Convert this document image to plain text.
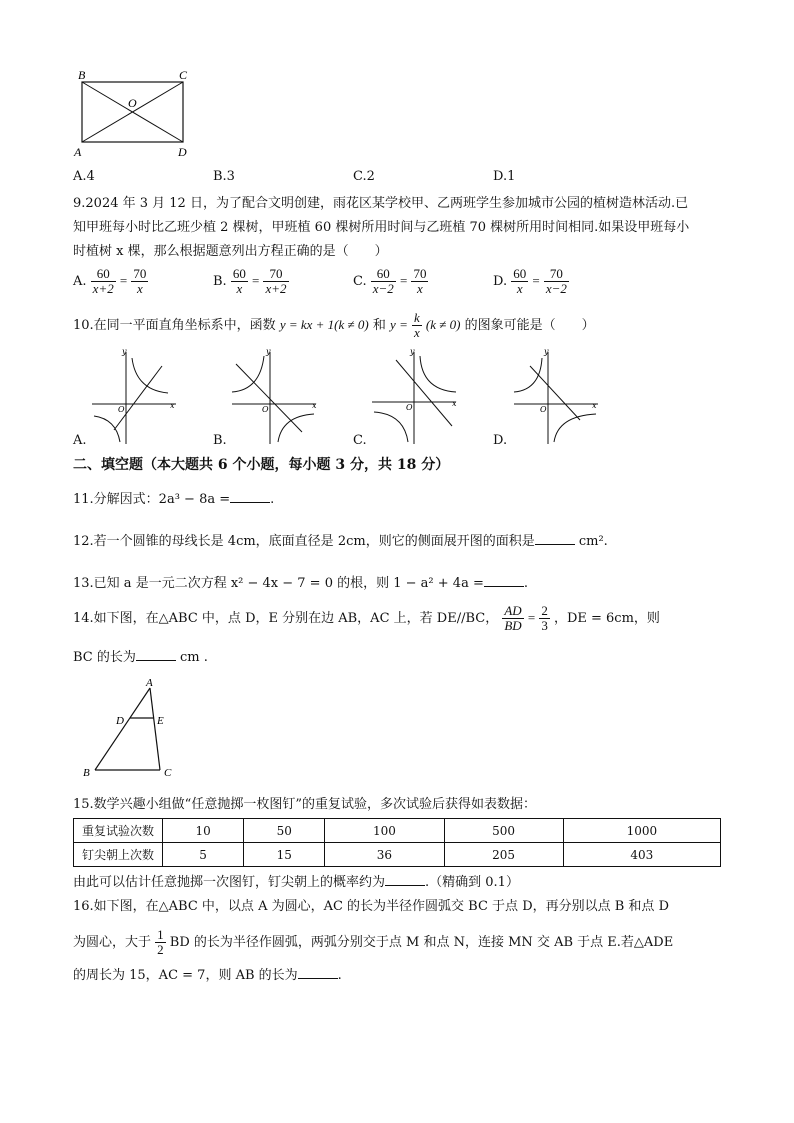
B	C
O
A	D
A.4	B.3	C.2	D.1
9.2024 年 3 月 12 日，为了配合文明创建，雨花区某学校甲、乙两班学生参加城市公园的植树造林活动.已
知甲班每小时比乙班少植 2 棵树，甲班植 60 棵树所用时间与乙班植 70 棵树所用时间相同.如果设甲班每小
时植树 x 棵，那么根据题意列出方程正确的是（　　）
A. $\frac{60}{x+2} = \frac{70}{x}$	B. $\frac{60}{x} = \frac{70}{x+2}$	C. $\frac{60}{x-2} = \frac{70}{x}$	D. $\frac{60}{x} = \frac{70}{x-2}$
10.在同一平面直角坐标系中，函数 y = kx + 1(k ≠ 0) 和 $y = \frac{k}{x} (k \ne 0)$ 的图象可能是（　　）
y
x
O
y
x
O
y
x
O
y
x
O
A.	B.	C.	D.
二、填空题（本大题共 6 个小题，每小题 3 分，共 18 分）
11.分解因式：2a³ − 8a =	.
12.若一个圆锥的母线长是 4cm，底面直径是 2cm，则它的侧面展开图的面积是	cm².
13.已知 a 是一元二次方程 x² − 4x − 7 = 0 的根，则 1 − a² + 4a =	.
14.如下图，在△ABC 中，点 D，E 分别在边 AB，AC 上，若 DE//BC， $\frac{AD}{BD} = \frac{2}{3}$ ，DE = 6cm，则
BC 的长为	cm .
A
D	E
B	C
15.数学兴趣小组做“任意抛掷一枚图钉”的重复试验，多次试验后获得如表数据：
重复试验次数	10	50	100	500	1000
钉尖朝上次数	5	15	36	205	403
由此可以估计任意抛掷一次图钉，钉尖朝上的概率约为	.（精确到 0.1）
16.如下图，在△ABC 中，以点 A 为圆心，AC 的长为半径作圆弧交 BC 于点 D，再分别以点 B 和点 D
为圆心，大于 $\frac{1}{2}$ BD 的长为半径作圆弧，两弧分别交于点 M 和点 N，连接 MN 交 AB 于点 E.若△ADE
的周长为 15，AC = 7，则 AB 的长为	.
